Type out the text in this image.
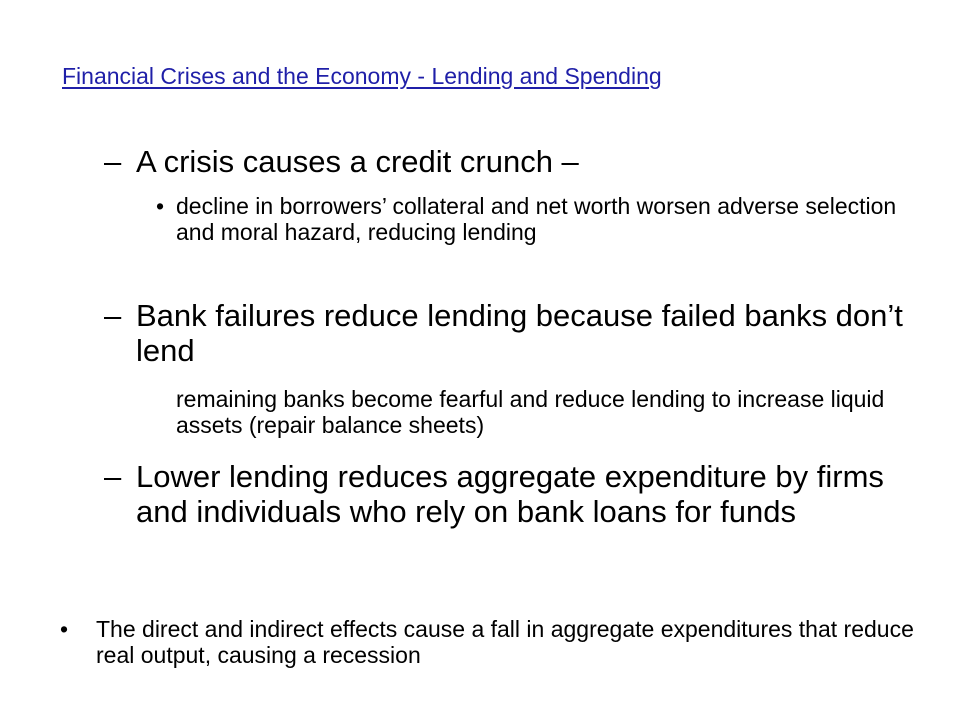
Financial Crises and the Economy - Lending and Spending
– A crisis causes a credit crunch –
• decline in borrowers’ collateral and net worth worsen adverse selection and moral hazard, reducing lending
– Bank failures reduce lending because failed banks don’t lend
remaining banks become fearful and reduce lending to increase liquid assets (repair balance sheets)
– Lower lending reduces aggregate expenditure by firms and individuals who rely on bank loans for funds
•	The direct and indirect effects cause a fall in aggregate expenditures that reduce real output, causing a recession
